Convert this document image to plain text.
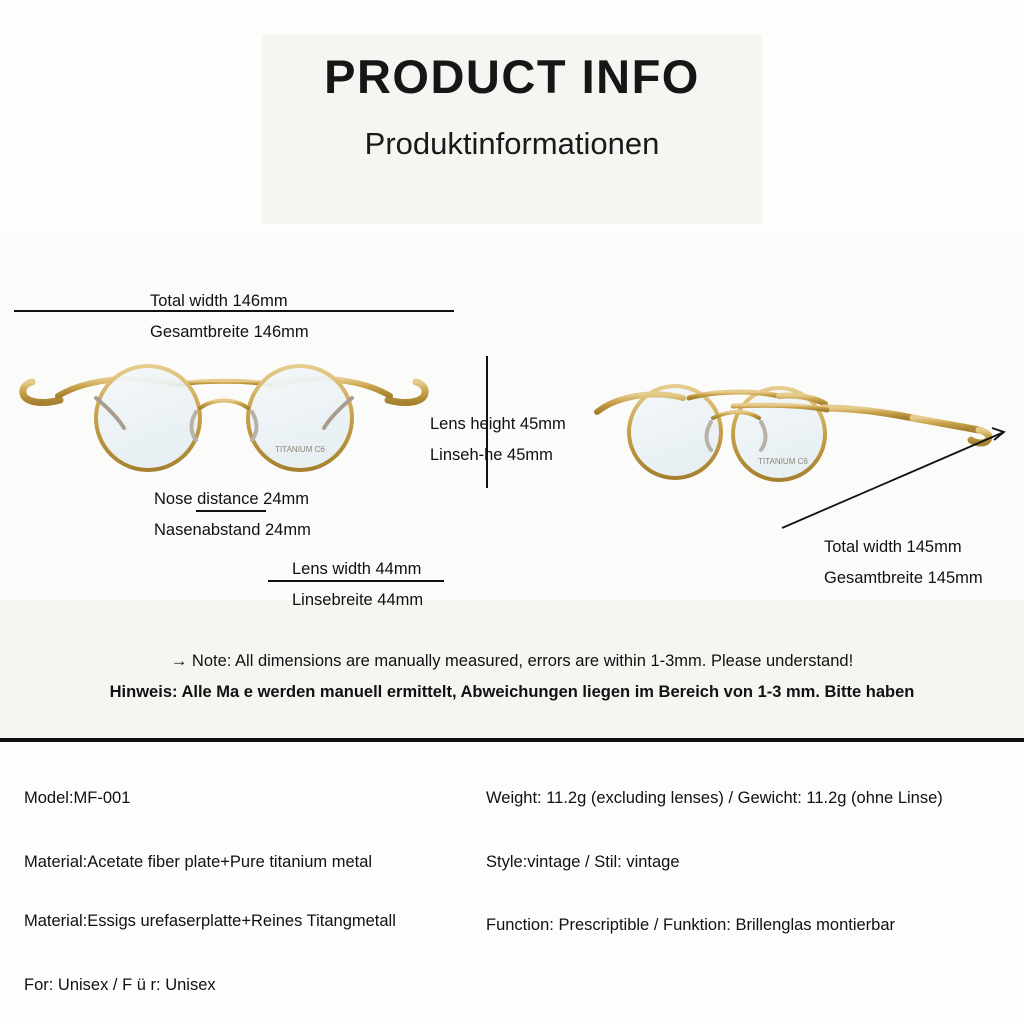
PRODUCT INFO
Produktinformationen
Total width 146mm
Gesamtbreite 146mm
TITANIUM C6
Nose distance 24mm
Nasenabstand 24mm
Lens width 44mm
Linsebreite 44mm
Lens height 45mm
Linseh-he 45mm	TITANIUM C6
Total width 145mm
Gesamtbreite 145mm

→ Note: All dimensions are manually measured, errors are within 1-3mm. Please understand!

Hinweis: Alle Ma e werden manuell ermittelt, Abweichungen liegen im Bereich von 1-3 mm. Bitte haben

Model:MF-001

Material:Acetate fiber plate+Pure titanium metal

Material:Essigs urefaserplatte+Reines Titangmetall

For: Unisex / F ü r: Unisex

Weight: 11.2g (excluding lenses) / Gewicht: 11.2g (ohne Linse)

Style:vintage / Stil: vintage

Function: Prescriptible / Funktion: Brillenglas montierbar
